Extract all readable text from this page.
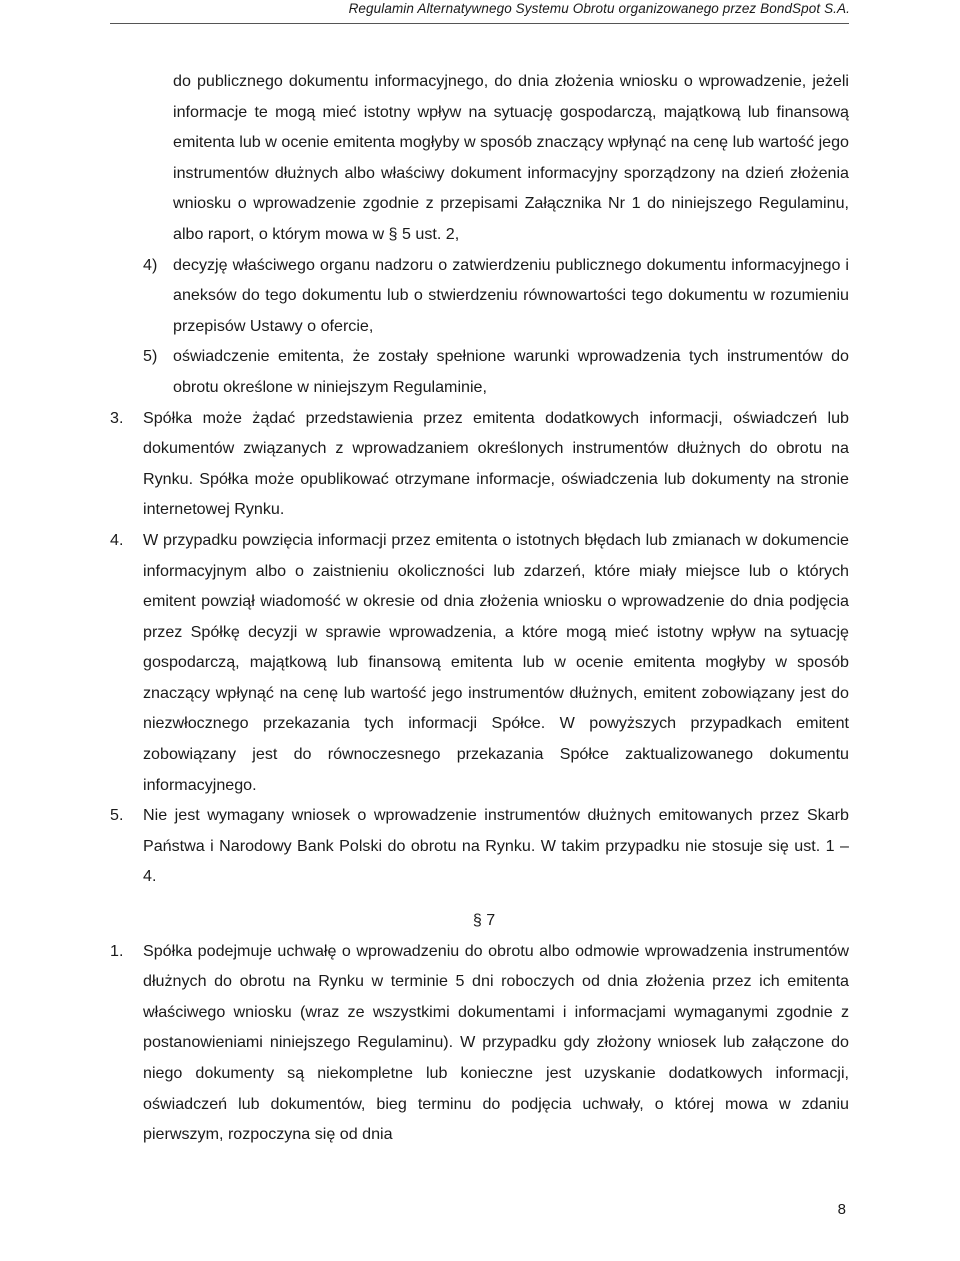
Regulamin Alternatywnego Systemu Obrotu organizowanego przez BondSpot S.A.
do publicznego dokumentu informacyjnego, do dnia złożenia wniosku o wprowadzenie, jeżeli informacje te mogą mieć istotny wpływ na sytuację gospodarczą, majątkową lub finansową emitenta lub w ocenie emitenta mogłyby w sposób znaczący wpłynąć na cenę lub wartość jego instrumentów dłużnych albo właściwy dokument informacyjny sporządzony na dzień złożenia wniosku o wprowadzenie zgodnie z przepisami Załącznika Nr 1 do niniejszego Regulaminu, albo raport, o którym mowa w § 5 ust. 2,
4) decyzję właściwego organu nadzoru o zatwierdzeniu publicznego dokumentu informacyjnego i aneksów do tego dokumentu lub o stwierdzeniu równowartości tego dokumentu w rozumieniu przepisów Ustawy o ofercie,
5) oświadczenie emitenta, że zostały spełnione warunki wprowadzenia tych instrumentów do obrotu określone w niniejszym Regulaminie,
3. Spółka może żądać przedstawienia przez emitenta dodatkowych informacji, oświadczeń lub dokumentów związanych z wprowadzaniem określonych instrumentów dłużnych do obrotu na Rynku. Spółka może opublikować otrzymane informacje, oświadczenia lub dokumenty na stronie internetowej Rynku.
4. W przypadku powzięcia informacji przez emitenta o istotnych błędach lub zmianach w dokumencie informacyjnym albo o zaistnieniu okoliczności lub zdarzeń, które miały miejsce lub o których emitent powziął wiadomość w okresie od dnia złożenia wniosku o wprowadzenie do dnia podjęcia przez Spółkę decyzji w sprawie wprowadzenia, a które mogą mieć istotny wpływ na sytuację gospodarczą, majątkową lub finansową emitenta lub w ocenie emitenta mogłyby w sposób znaczący wpłynąć na cenę lub wartość jego instrumentów dłużnych, emitent zobowiązany jest do niezwłocznego przekazania tych informacji Spółce. W powyższych przypadkach emitent zobowiązany jest do równoczesnego przekazania Spółce zaktualizowanego dokumentu informacyjnego.
5. Nie jest wymagany wniosek o wprowadzenie instrumentów dłużnych emitowanych przez Skarb Państwa i Narodowy Bank Polski do obrotu na Rynku. W takim przypadku nie stosuje się ust. 1 – 4.
§ 7
1. Spółka podejmuje uchwałę o wprowadzeniu do obrotu albo odmowie wprowadzenia instrumentów dłużnych do obrotu na Rynku w terminie 5 dni roboczych od dnia złożenia przez ich emitenta właściwego wniosku (wraz ze wszystkimi dokumentami i informacjami wymaganymi zgodnie z postanowieniami niniejszego Regulaminu). W przypadku gdy złożony wniosek lub załączone do niego dokumenty są niekompletne lub konieczne jest uzyskanie dodatkowych informacji, oświadczeń lub dokumentów, bieg terminu do podjęcia uchwały, o której mowa w zdaniu pierwszym, rozpoczyna się od dnia
8
